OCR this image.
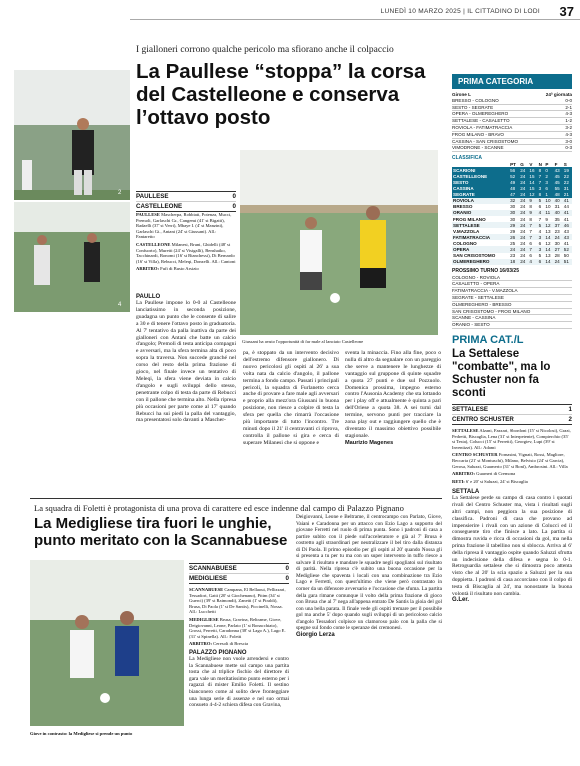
LUNEDÌ 10 MARZO 2025 | IL CITTADINO DI LODI 37
I gialloneri corrono qualche pericolo ma sfiorano anche il colpaccio
La Paullese “stoppa” la corsa del Castelleone e conserva l’ottavo posto
2
4
PAULLESE	0
CASTELLEONE	0

PAULLESE Mascherpa, Robbiati, Potenza, Mucci, Premoli, Garlaschi Gr., Cangemi (41' st Bigatti), Radaelli (37' st Verri), Mbaye I. (4' st Manzini), Garlaschi Gi., Antani (24' st Giussani). All.: Fantaretto

CASTELLEONE Milanesi, Bruni, Ghidelli (48' st Confuorto), Muretti (24' st Visigalli), Benshaiko, Tacchinardi, Bonomi (16' st Bianchessi), Di Bernardo (16' st Villa), Rebucci, Meleqi, Donzelli. All.: Cantoni

ARBITRO: Fufi di Busto Arsizio

PAULLO

La Paullese impone lo 0-0 al Castelleone lanciatissimo in seconda posizione, guadagna un punto che le consente di salire a 30 e di tenere l'ottavo posto in graduatoria. Al 7' tentativo da palla inattiva da parte dei gialloneri con Antani che batte un calcio d'angolo; Premoli di testa anticipa compagni e avversari, ma la sfera termina alta di poco sopra la traversa. Non succede granché nel corso del resto della prima frazione di gioco, nel finale invece un tentativo di Meleqi, la sfera viene deviata in calcio d'angolo e sugli sviluppi dello stesso, penetrante colpo di testa da parte di Rebucci con il pallone che termina alto. Nella ripresa più occasioni per parte come al 17' quando Rebucci ha sui piedi la palla del vantaggio, ma presentatosi solo davanti a Mascher-

Giussani ha avuto l'opportunità di far male al lanciato Castelleone
pa, è stoppato da un intervento decisivo dell'estremo difensore giallonero. Di nuovo pericolosi gli ospiti al 26' a sua volta nata da calcio d'angolo, il pallone termina a fondo campo. Passati i principali pericoli, la squadra di Furlanetto cerca anche di provare a fare male agli avversari e proprio alla mezz'ora Giussani in buona posizione, non riesce a colpire di testa la sfera per quella che rimarrà l'occasione più importante di tutto l'incontro. Tre minuti dopo il 21' il centravanti ci riprova, controlla il pallone si gira e cerca di superare Milanesi che si oppone e

sventa la minaccia. Fino alla fine, poco o nulla di altro da segnalare con un pareggio che serve a mantenere le lunghezze di vantaggio sul gruppone di quinte squadre a quota 27 punti e due sul Pozzuolo. Domenica prossima, impegno esterno contro l'Ausonia Academy che sta lottando per i play off e attualmente è quinta a pari dell'Oriese a quota 38. A sei turni dal termine, servono punti per tracciare la zona play out e raggiungere quello che è diventato il massimo obiettivo possibile stagionale.

Maurizio Magenes

3
PRIMA CATEGORIA
Girone L	24ª giornata
BRESSO - COLOGNO	0-0
SESTO - SEGRATE	2-1
OPERA - OLMEREGHERO	4-3
SETTALESE - CASALETTO	1-2
ROVIOLA - FATIMATRACCIA	3-2
FROG MILANO - BRAVO	4-3
CASSINA - SAN CRISOSTOMO	3-0
VIMODRONE - SCANNE	0-3
CLASSIFICA
	PT	G	V	N	P	F	S
SCARIONI	56	24	16	8	0	43	19
CASTELLEONE	52	24	15	7	2	45	22
SESTO	49	24	14	7	3	45	22
CASSINA	48	24	15	3	6	55	31
SEGRATE	47	24	12	8	1	48	21
ROVIOLA	32	24	9	5	10	40	41
BRESSO	30	24	8	6	10	31	44
ORANIO	30	24	9	4	11	40	41
FROG MILANO	30	24	8	7	9	35	41
SETTALESE	29	24	7	5	12	37	46
V.MAZZOLA	29	24	7	4	13	23	43
FATIMATRACCIA	26	24	7	3	14	24	43
COLOGNO	25	24	6	6	12	30	41
OPERA	24	24	7	3	14	27	52
SAN CRISOSTOMO	23	24	6	5	13	28	50
OLMEREGHERO	18	24	4	6	14	24	51
PROSSIMO TURNO 16/03/25
COLOGNO - ROVIOLA
CASALETTO - OPERA
FATIMATRACCIA - V.MAZZOLA
SEGRATE - SETTALESE
OLMEREGHERO - BRESSO
SAN CRISOSTOMO - FROG MILANO
SCANNE - CASSINA
ORANIO - SESTO
PRIMA CAT./L
La Settalese "combatte", ma lo Schuster non fa sconti
SETTALESE	1
CENTRO SCHUSTER	2

SETTALESE Alzani, Fazzari, Sbordoni (15' st Nicolosi), Grazi, Pedretti, Biscaglia, Lena (31' st Interpetente), Compierchio (35' st Testa), Colucci (15' st Ferretti), Georgiev, Lupi (39' st Inventizzi). All.: Adami

CENTRO SCHUSTER Fornasini, Vignati, Rossi, Magliore, Beccaria (21' st Montuschi), Milano, Belvisio (24' st Garcia), Gerosa, Saluzzi, Guarnerio (31' st Bonì), Ambrosini. All.: Villa

ARBITRO: Guarneri di Cremona

RETI: 6' e 20' st Saluzzi, 24' st Biscaglia

SETTALA

La Settalese perde su campo di casa contro i quotati rivali del Centro Schuster ma, vista i risultati sugli altri campi, non peggiora la sua posizione di classifica. Padroni di casa che provano ad impensierire i rivali con un azione di Colucci ed il conseguente tiro che finisce a lato. La partita si dimostra ruvida e ricca di occasioni da gol, ma nella prima frazione il tabellino non si sblocca. Arriva al 6' della ripresa il vantaggio ospite quando Saluzzi sfrutta un indecisione della difesa e segna lo 0-1. Retroguardia settalese che si dimostra poco attenta visto che al 20' la scia spazio a Saluzzi per la sua doppietta. I padroni di casa accorciano con il colpo di testa di Biscaglia al 24', ma nonostante la buona volontà il risultato non cambia.

G.Ler.

La squadra di Foletti è protagonista di una prova di carattere ed esce indenne dal campo di Palazzo Pignano
La Medigliese tira fuori le unghie, punto meritato con la Scannabuese
Giove in contrasto: la Medigliese si prende un punto
SCANNABUESE	0
MEDIGLIESE	0

SCANNABUESE Campana, El Bellaoui, Pellizzari, Tessadori, Gatti (20' st Giochenano), Pittm (34' st Guerci) (39' st Raimondi), Zanetti (1' st Piraldi), Brusa, Di Paola (1' st De Santis), Piccinelli, Nossa. All.: Lucchetti

MEDIGLIESE Brusa, Gravina, Beltrame, Giove, Deigiovanni, Leone, Parlato (1' st Bonacchiato), Grossi, Ferretti, Caradonna (38' st Lago A.), Lago E. (31' st Spinella). All.: Foletti

ARBITRO: Ceresoli di Brescia

PALAZZO PIGNANO

La Medigliese non vuole arrendersi e contro la Scannabuese mette sul campo una partita tosta che al triplice fischio del direttore di gara vale un meritatissimo punto esterno per i ragazzi di mister Emilio Foletti. Il sestino bianconero come al solito deve fronteggiare una lunga serie di assenze e nel suo ormai consueto 4-4-2 schiera difesa con Gravina,

Deigiovanni, Leone e Beltrame, il centrocampo con Parlato, Giove, Vaiani e Caradonna per un attacco con Ezio Lago a supporto del giovane Ferretti nel ruolo di prima punta. Sono i padroni di casa a partire subito con il piede sull'acceleratore e già al 7' Brusa è costretto agli straordinari per neutralizzare il bel tiro dalla distanza di Di Paola. Il primo episodio per gli ospiti al 20' quando Nossa gli si presenta a tu per tu ma con un super intervento in tuffo riesce a salvare il risultato e mandare le squadre negli spogliatoi sul risultato di parità. Nella ripresa c'è subito una buona occasione per la Medigliese che spaventa i locali con una combinazione tra Ezio Lago e Ferretti, con quest'ultimo che viene però contrastato in corner da un difensore avversario e l'occasione che sfuma. La partita della gara rimane comunque il volto della prima frazione di gioco con Brusa che al 7' nega all'appena entrato De Santis la gioia del gol con una bella parata. Il finale vede gli ospiti tremare per il possibile gol ma anche 5' dopo quando sugli sviluppi di un pericoloso calcio d'angolo Tessadori colpisce un clamoroso palo con la palla che si spegne sul fondo come le speranze dei cremonesi.

Giorgio Lerza
